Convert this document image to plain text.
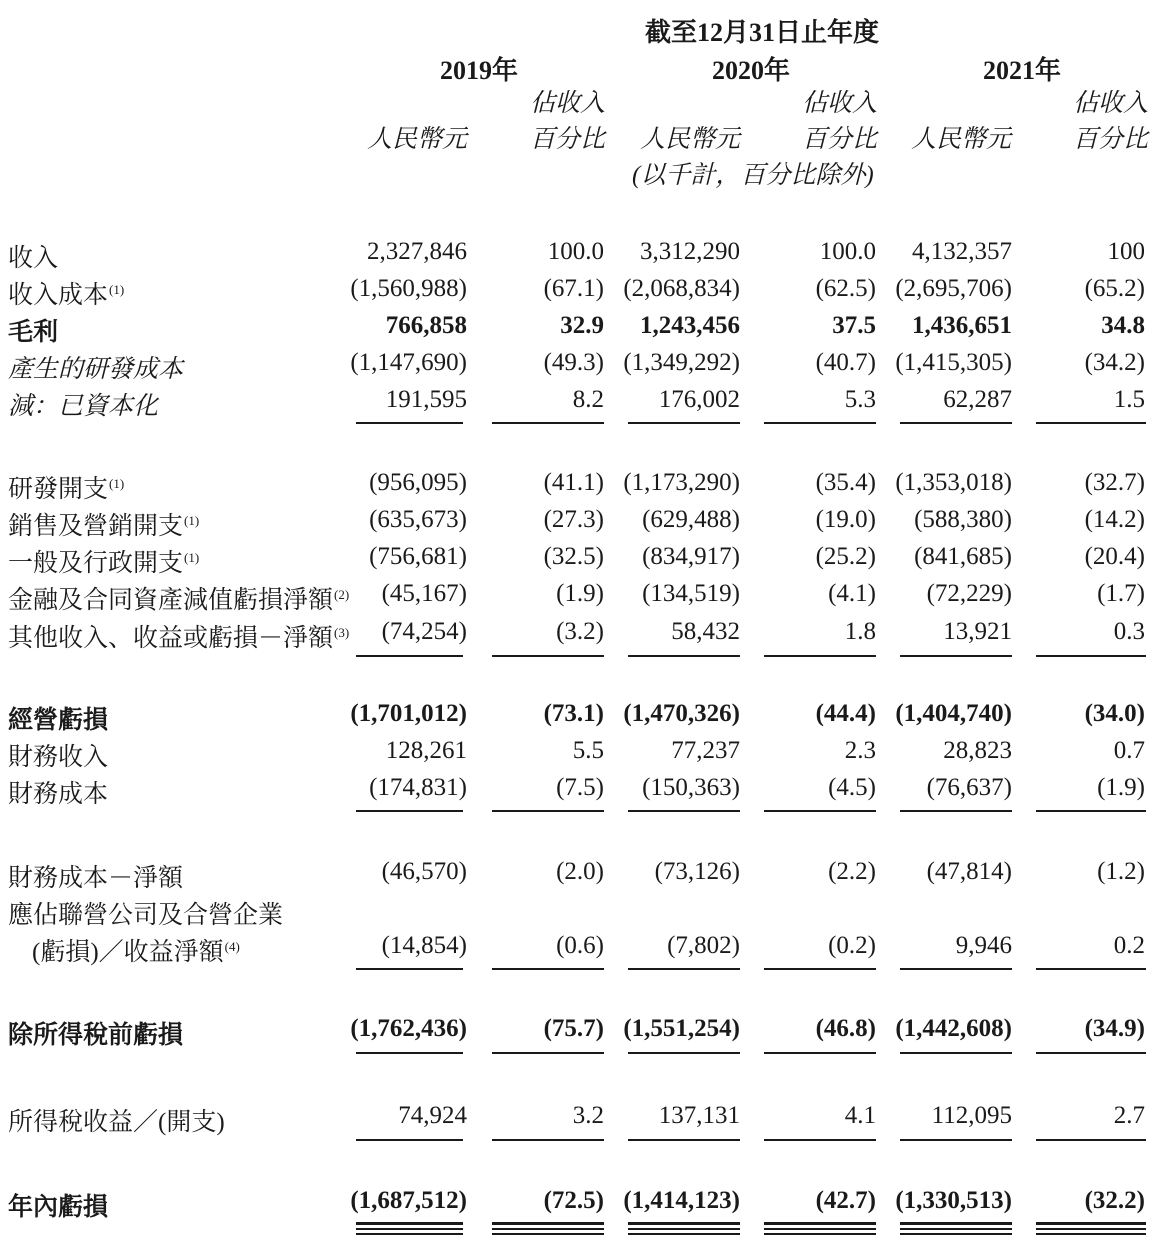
截至12月31日止年度
2019年	2020年	2021年
佔收入	佔收入	佔收入
人民幣元	百分比 人民幣元 百分比 人民幣元 百分比
(以千計，百分比除外)
收入	2,327,846	100.0 3,312,290	100.0 4,132,357	100
收入成本$^{(1)}$	(1,560,988)	(67.1) (2,068,834)	(62.5) (2,695,706)	(65.2)
毛利	766,858	32.9 1,243,456	37.5 1,436,651	34.8
產生的研發成本	(1,147,690)	(49.3) (1,349,292)	(40.7) (1,415,305)	(34.2)
減：已資本化	191,595	8.2 176,002	5.3	62,287	1.5
研發開支$^{(1)}$	(956,095)	(41.1) (1,173,290)	(35.4) (1,353,018)	(32.7)
銷售及營銷開支$^{(1)}$	(635,673)	(27.3) (629,488)	(19.0) (588,380)	(14.2)
一般及行政開支$^{(1)}$	(756,681)	(32.5) (834,917)	(25.2) (841,685)	(20.4)
金融及合同資產減值虧損淨額$^{(2)}$ (45,167)	(1.9) (134,519)	(4.1) (72,229)	(1.7)
其他收入、收益或虧損－淨額$^{(3)}$ (74,254)	(3.2)	58,432	1.8	13,921	0.3
經營虧損	(1,701,012)	(73.1) (1,470,326)	(44.4) (1,404,740)	(34.0)
財務收入	128,261	5.5	77,237	2.3	28,823	0.7
財務成本	(174,831)	(7.5) (150,363)	(4.5) (76,637)	(1.9)
財務成本－淨額	(46,570)	(2.0) (73,126)	(2.2) (47,814)	(1.2)
應佔聯營公司及合營企業
(虧損)／收益淨額$^{(4)}$	(14,854)	(0.6)	(7,802)	(0.2)	9,946	0.2
除所得稅前虧損	(1,762,436)	(75.7) (1,551,254)	(46.8) (1,442,608)	(34.9)
所得稅收益／(開支)	74,924	3.2 137,131	4.1 112,095	2.7
年內虧損	(1,687,512)	(72.5) (1,414,123)	(42.7) (1,330,513)	(32.2)
